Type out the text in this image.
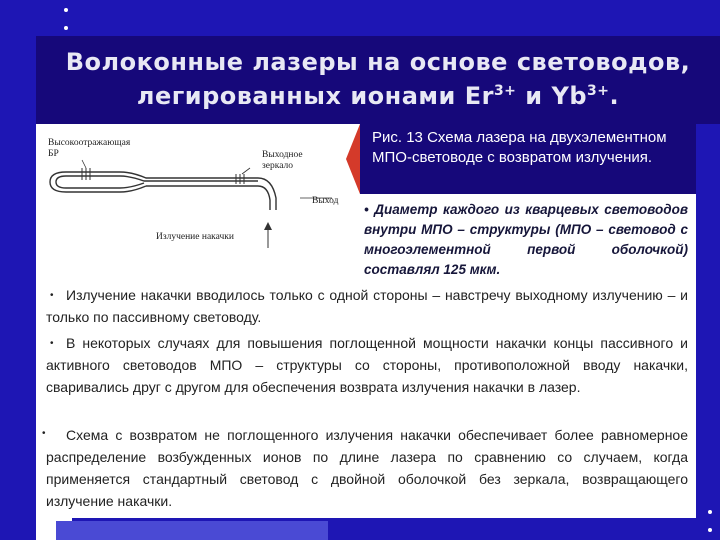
Волоконные лазеры на основе световодов,
легированных ионами $Er^{3+}$ и $Yb^{3+}$.
Высокоотражающая
БР	Выходное
зеркало
Выход
Излучение накачки
Рис. 13 Схема лазера на двухэлементном МПО-световоде с возвратом излучения.
• Диаметр каждого из кварцевых световодов внутри МПО – структуры (МПО – световод с многоэлементной первой оболочкой) составлял 125 мкм.
• Излучение накачки вводилось только с одной стороны – навстречу выходному излучению – и только по пассивному световоду.
• В некоторых случаях для повышения поглощенной мощности накачки концы пассивного и активного световодов МПО – структуры со стороны, противоположной вводу накачки, сваривались друг с другом для обеспечения возврата излучения накачки в лазер.
•	Схема с возвратом не поглощенного излучения накачки обеспечивает более равномерное распределение возбужденных ионов по длине лазера по сравнению со случаем, когда применяется стандартный световод с двойной оболочкой без зеркала, возвращающего излучение накачки.
